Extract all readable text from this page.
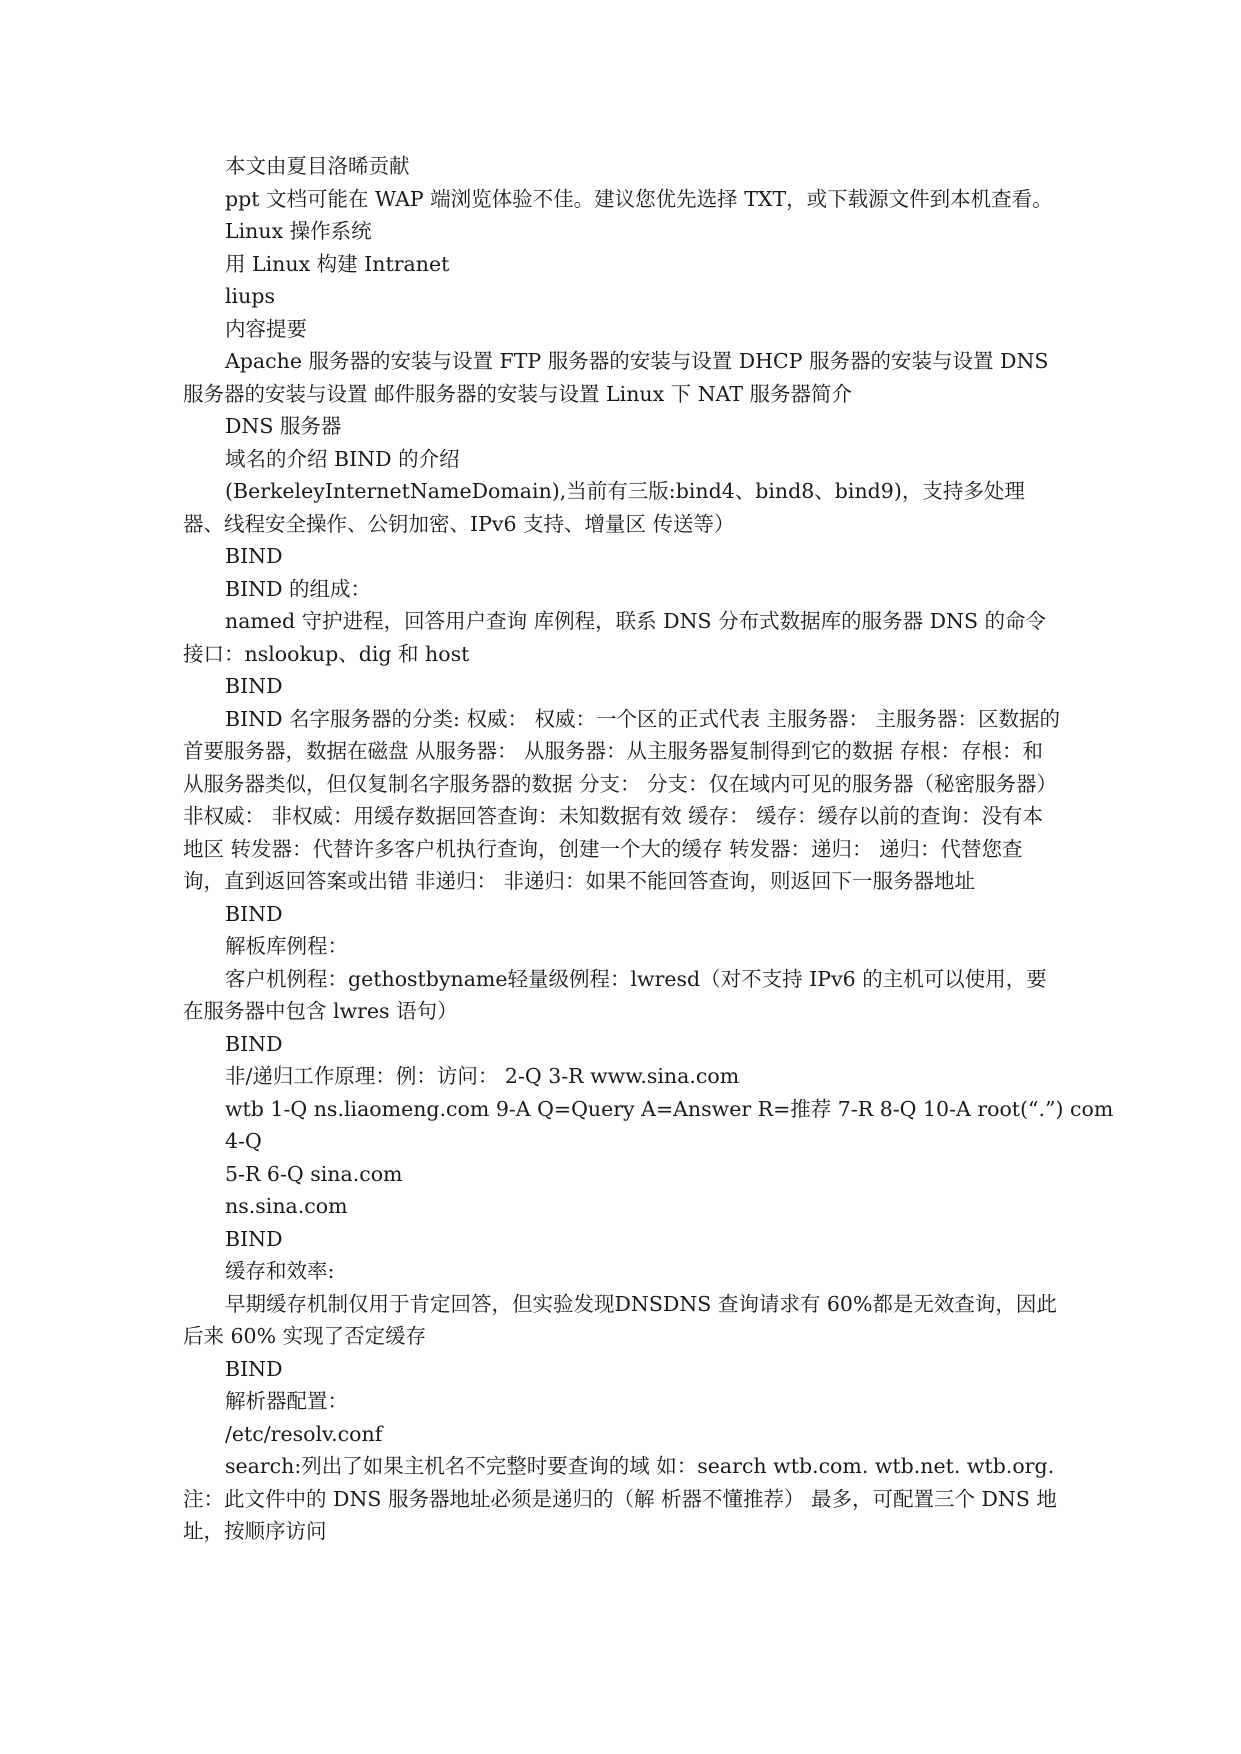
本文由夏目洛晞贡献

ppt 文档可能在 WAP 端浏览体验不佳。建议您优先选择 TXT，或下载源文件到本机查看。

Linux 操作系统

用 Linux 构建 Intranet

liups

内容提要

Apache 服务器的安装与设置 FTP 服务器的安装与设置 DHCP 服务器的安装与设置 DNS 服务器的安装与设置 邮件服务器的安装与设置 Linux 下 NAT 服务器简介

DNS 服务器

域名的介绍 BIND 的介绍

(BerkeleyInternetNameDomain),当前有三版:bind4、bind8、bind9)，支持多处理器、线程安全操作、公钥加密、IPv6 支持、增量区 传送等）

BIND

BIND 的组成：

named 守护进程，回答用户查询 库例程，联系 DNS 分布式数据库的服务器 DNS 的命令接口：nslookup、dig 和 host

BIND

BIND 名字服务器的分类: 权威： 权威：一个区的正式代表 主服务器： 主服务器：区数据的首要服务器，数据在磁盘 从服务器： 从服务器：从主服务器复制得到它的数据 存根：存根：和从服务器类似，但仅复制名字服务器的数据 分支： 分支：仅在域内可见的服务器（秘密服务器） 非权威： 非权威：用缓存数据回答查询：未知数据有效 缓存： 缓存：缓存以前的查询：没有本地区 转发器：代替许多客户机执行查询，创建一个大的缓存 转发器：递归： 递归：代替您查询，直到返回答案或出错 非递归： 非递归：如果不能回答查询，则返回下一服务器地址

BIND

解板库例程：

客户机例程：gethostbyname轻量级例程：lwresd（对不支持 IPv6 的主机可以使用，要在服务器中包含 lwres 语句）

BIND

非/递归工作原理：例：访问： 2-Q 3-R www.sina.com

wtb 1-Q ns.liaomeng.com 9-A Q=Query A=Answer R=推荐 7-R 8-Q 10-A root(“.”) com

4-Q

5-R 6-Q sina.com

ns.sina.com

BIND

缓存和效率:

早期缓存机制仅用于肯定回答，但实验发现DNSDNS 查询请求有 60%都是无效查询，因此后来 60% 实现了否定缓存

BIND

解析器配置：

/etc/resolv.conf

search:列出了如果主机名不完整时要查询的域 如：search wtb.com. wtb.net. wtb.org. 注：此文件中的 DNS 服务器地址必须是递归的（解 析器不懂推荐） 最多，可配置三个 DNS 地址，按顺序访问
